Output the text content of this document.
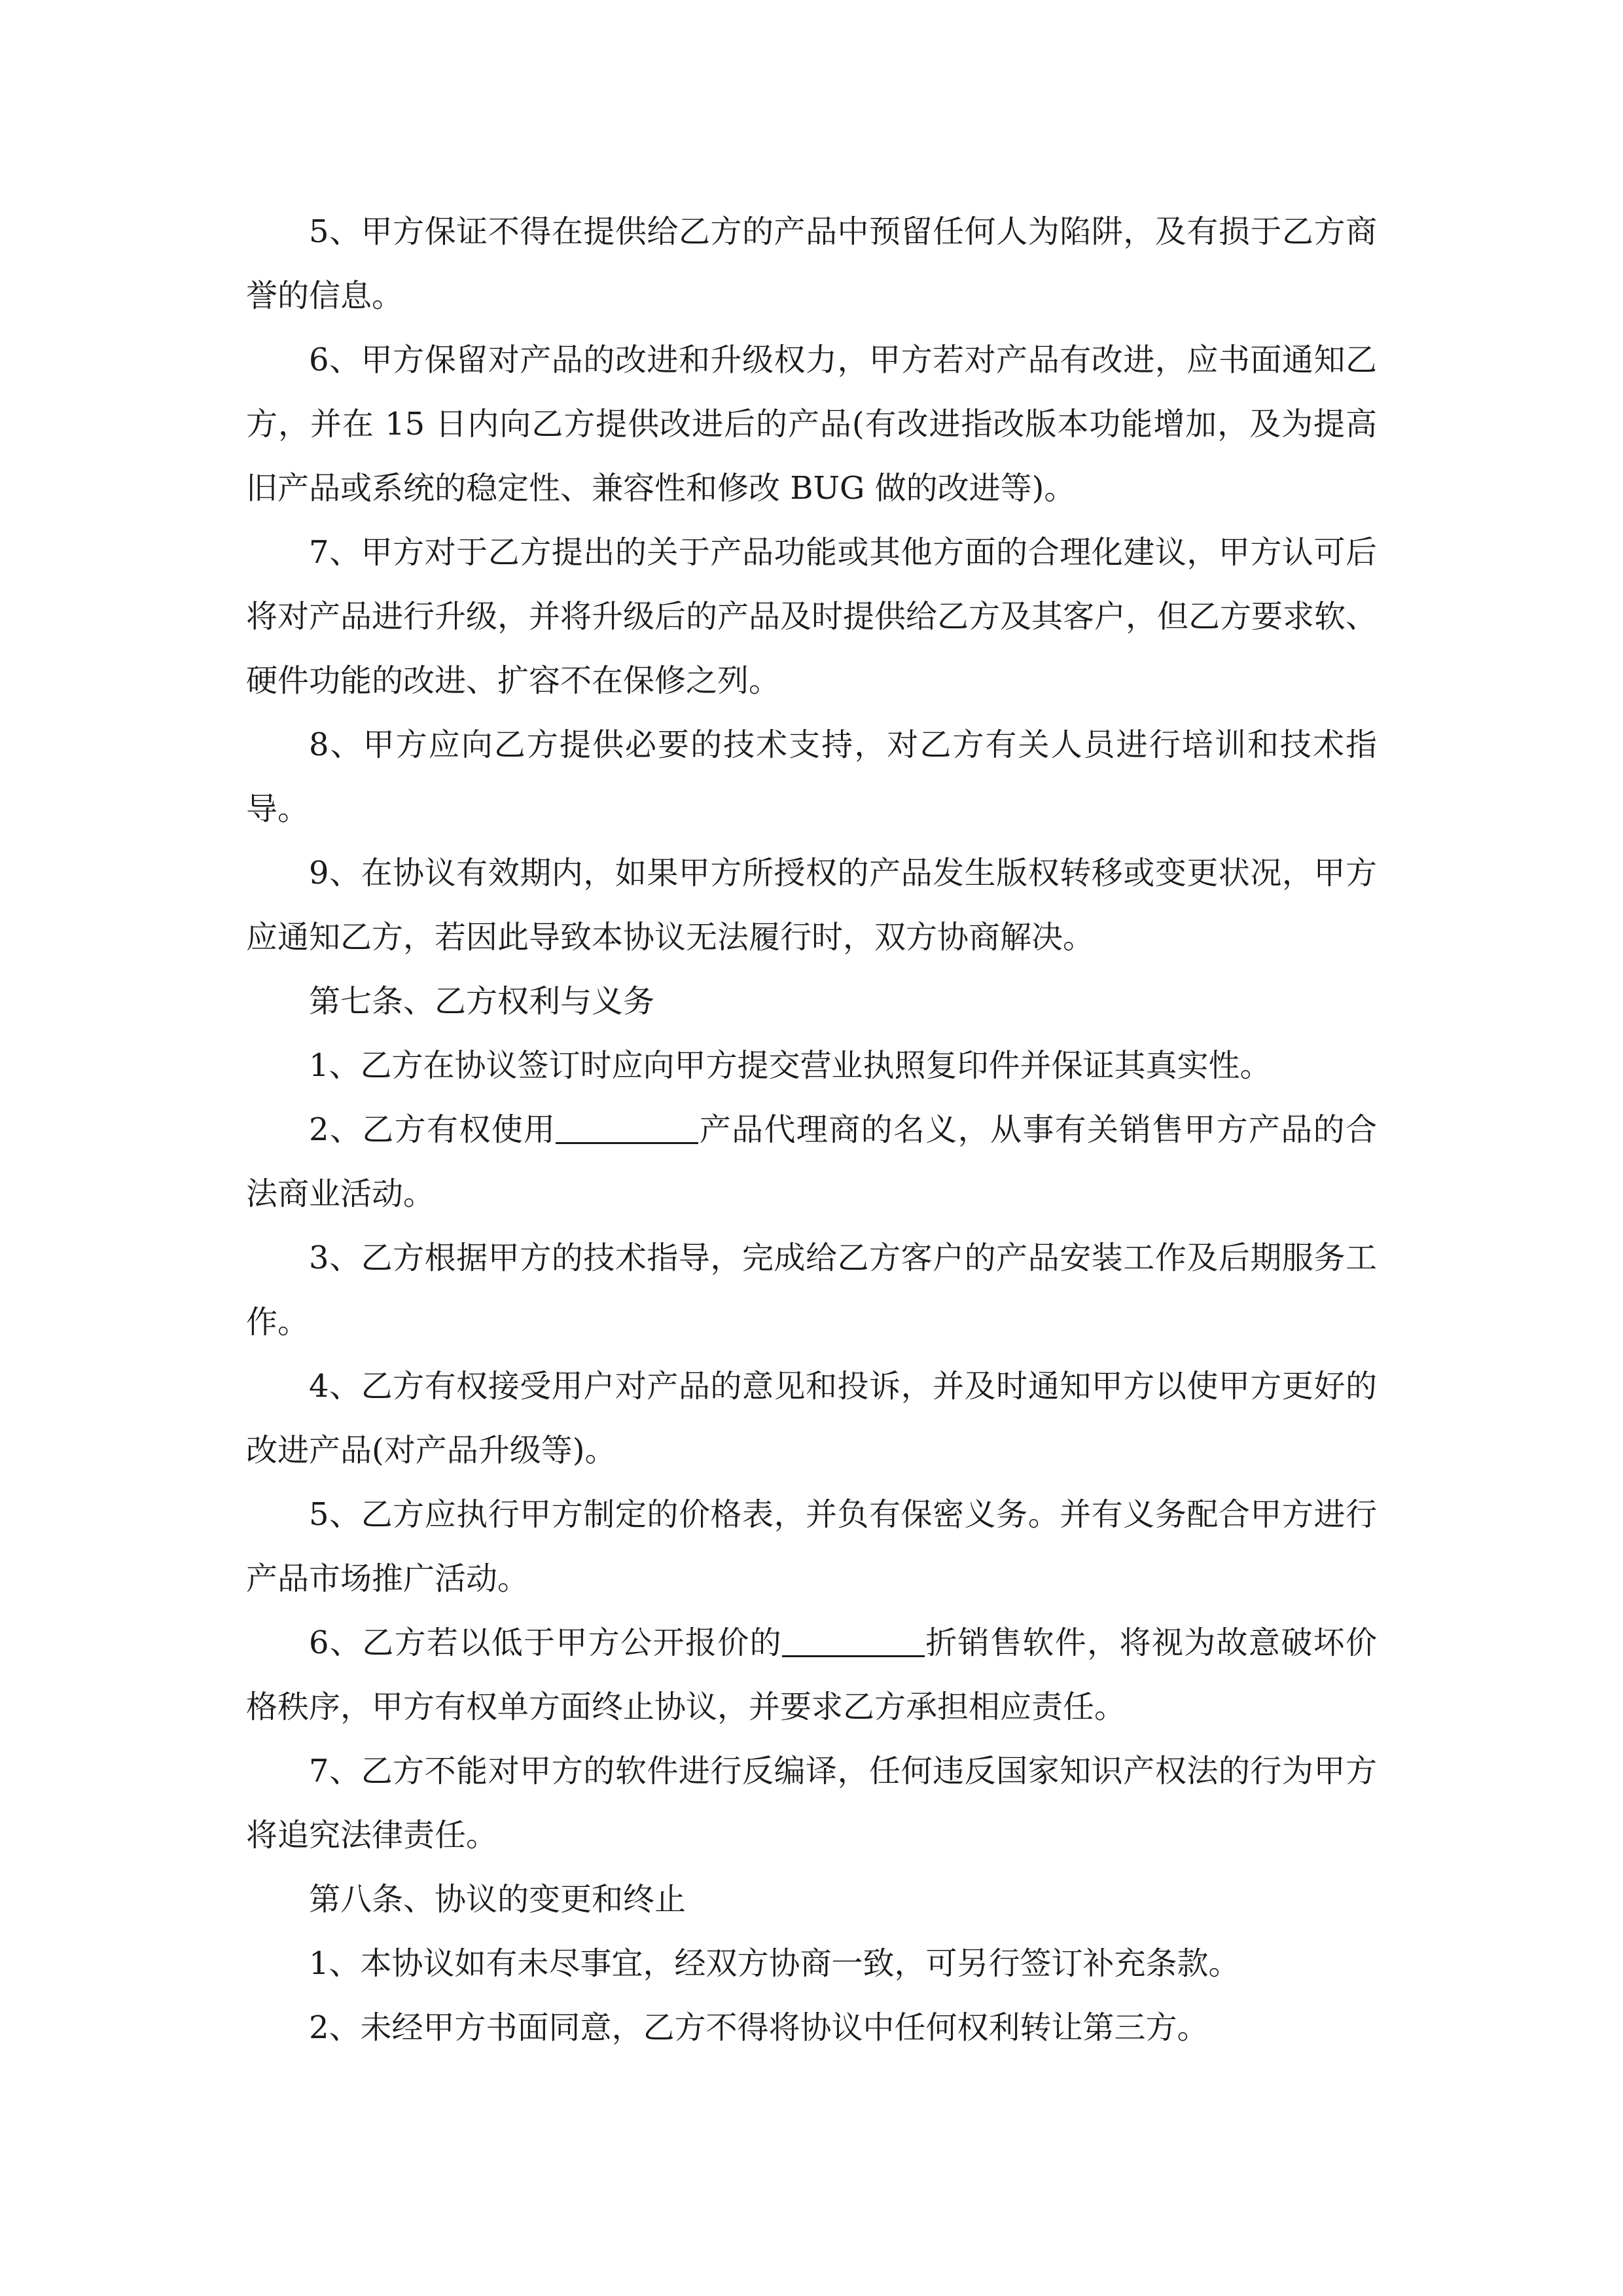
5、甲方保证不得在提供给乙方的产品中预留任何人为陷阱，及有损于乙方商誉的信息。

6、甲方保留对产品的改进和升级权力，甲方若对产品有改进，应书面通知乙方，并在 15 日内向乙方提供改进后的产品(有改进指改版本功能增加，及为提高旧产品或系统的稳定性、兼容性和修改 BUG 做的改进等)。

7、甲方对于乙方提出的关于产品功能或其他方面的合理化建议，甲方认可后将对产品进行升级，并将升级后的产品及时提供给乙方及其客户，但乙方要求软、硬件功能的改进、扩容不在保修之列。

8、甲方应向乙方提供必要的技术支持，对乙方有关人员进行培训和技术指导。

9、在协议有效期内，如果甲方所授权的产品发生版权转移或变更状况，甲方应通知乙方，若因此导致本协议无法履行时，双方协商解决。

第七条、乙方权利与义务

1、乙方在协议签订时应向甲方提交营业执照复印件并保证其真实性。

2、乙方有权使用	产品代理商的名义，从事有关销售甲方产品的合法商业活动。

3、乙方根据甲方的技术指导，完成给乙方客户的产品安装工作及后期服务工作。

4、乙方有权接受用户对产品的意见和投诉，并及时通知甲方以使甲方更好的改进产品(对产品升级等)。

5、乙方应执行甲方制定的价格表，并负有保密义务。并有义务配合甲方进行产品市场推广活动。

6、乙方若以低于甲方公开报价的	折销售软件，将视为故意破坏价格秩序，甲方有权单方面终止协议，并要求乙方承担相应责任。

7、乙方不能对甲方的软件进行反编译，任何违反国家知识产权法的行为甲方将追究法律责任。

第八条、协议的变更和终止

1、本协议如有未尽事宜，经双方协商一致，可另行签订补充条款。

2、未经甲方书面同意，乙方不得将协议中任何权利转让第三方。
